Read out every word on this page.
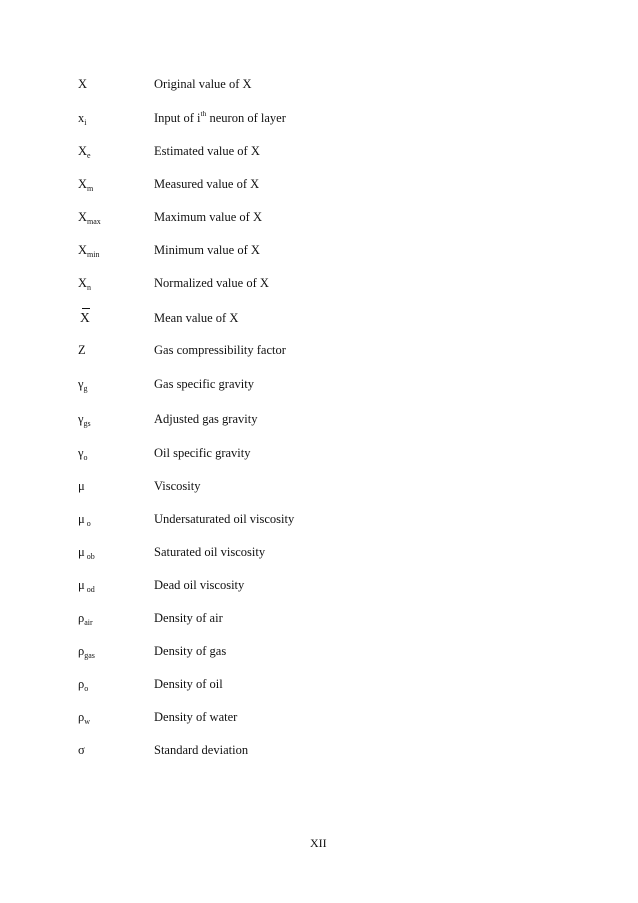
X	Original value of X
$x_i$	Input of $i^{th}$ neuron of layer
$X_e$	Estimated value of X
$X_m$	Measured value of X
$X_{max}$	Maximum value of X
$X_{min}$	Minimum value of X
$X_n$	Normalized value of X
X	Mean value of X
Z	Gas compressibility factor
$\gamma_g$	Gas specific gravity
$\gamma_{gs}$	Adjusted gas gravity
$\gamma_o$	Oil specific gravity
μ	Viscosity
μ $_o$	Undersaturated oil viscosity
μ $_{ob}$	Saturated oil viscosity
μ $_{od}$	Dead oil viscosity
$\rho_{air}$	Density of air
$\rho_{gas}$	Density of gas
$\rho_o$	Density of oil
$\rho_w$	Density of water
σ	Standard deviation
XII
